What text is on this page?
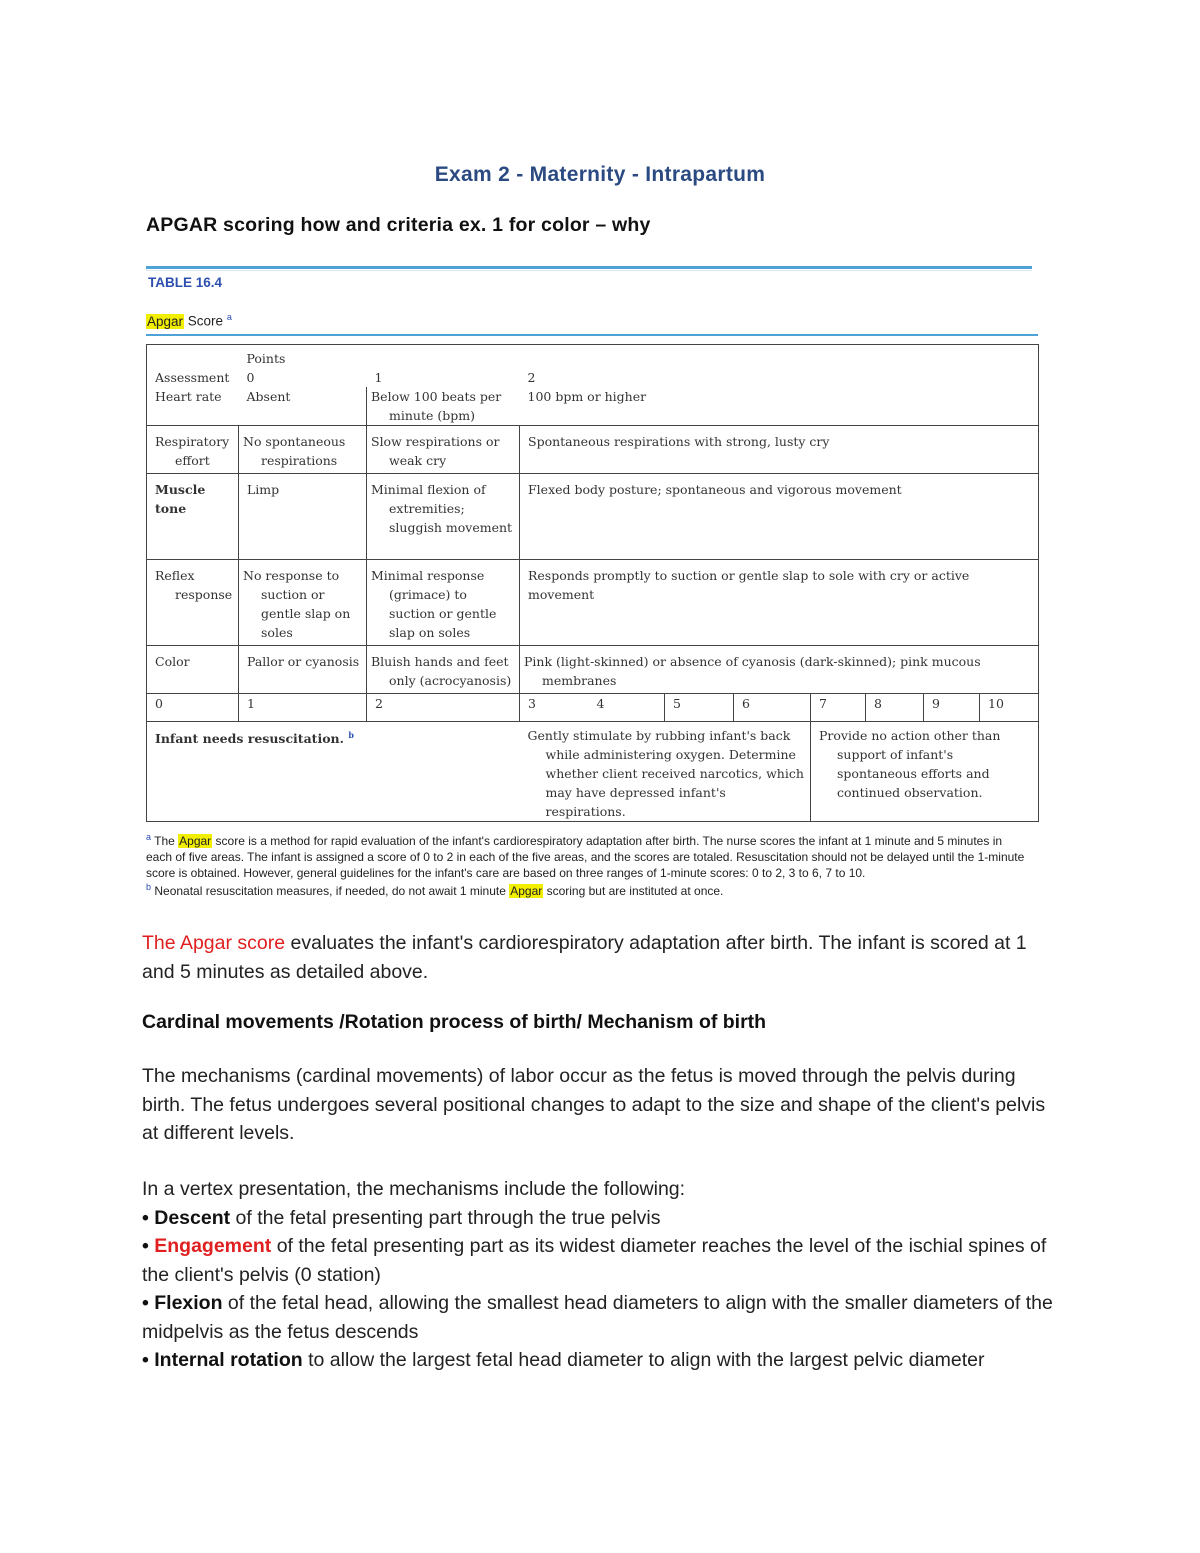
Exam 2 - Maternity - Intrapartum
APGAR scoring how and criteria ex. 1 for color – why
TABLE 16.4
Apgar Score $^a$
	Points									
Assessment	0	1	2							
Heart rate	Absent	Below 100 beats per minute (bpm)	100 bpm or higher							

Respiratory
effort	No spontaneous respirations	Slow respirations or weak cry	Spontaneous respirations with strong, lusty cry							
Muscle tone	Limp	Minimal flexion of extremities; sluggish movement	Flexed body posture; spontaneous and vigorous movement							

Reflex
response	No response to suction or gentle slap on soles	Minimal response (grimace) to suction or gentle slap on soles	Responds promptly to suction or gentle slap to sole with cry or active movement							
Color	Pallor or cyanosis	Bluish hands and feet only (acrocyanosis)	Pink (light-skinned) or absence of cyanosis (dark-skinned); pink mucous membranes							
0	1	2	3	4	5	6	7	8	9	10
Infant needs resuscitation. $^b$			Gently stimulate by rubbing infant's back while administering oxygen. Determine whether client received narcotics, which may have depressed infant's respirations.				Provide no action other than support of infant's spontaneous efforts and continued observation.			
$^a$ The Apgar score is a method for rapid evaluation of the infant's cardiorespiratory adaptation after birth. The nurse scores the infant at 1 minute and 5 minutes in each of five areas. The infant is assigned a score of 0 to 2 in each of the five areas, and the scores are totaled. Resuscitation should not be delayed until the 1-minute score is obtained. However, general guidelines for the infant's care are based on three ranges of 1-minute scores: 0 to 2, 3 to 6, 7 to 10.
$^b$ Neonatal resuscitation measures, if needed, do not await 1 minute Apgar scoring but are instituted at once.
The Apgar score evaluates the infant's cardiorespiratory adaptation after birth. The infant is scored at 1 and 5 minutes as detailed above.
Cardinal movements /Rotation process of birth/ Mechanism of birth
The mechanisms (cardinal movements) of labor occur as the fetus is moved through the pelvis during birth. The fetus undergoes several positional changes to adapt to the size and shape of the client's pelvis at different levels.
In a vertex presentation, the mechanisms include the following:
• Descent of the fetal presenting part through the true pelvis
• Engagement of the fetal presenting part as its widest diameter reaches the level of the ischial spines of the client's pelvis (0 station)
• Flexion of the fetal head, allowing the smallest head diameters to align with the smaller diameters of the midpelvis as the fetus descends
• Internal rotation to allow the largest fetal head diameter to align with the largest pelvic diameter
